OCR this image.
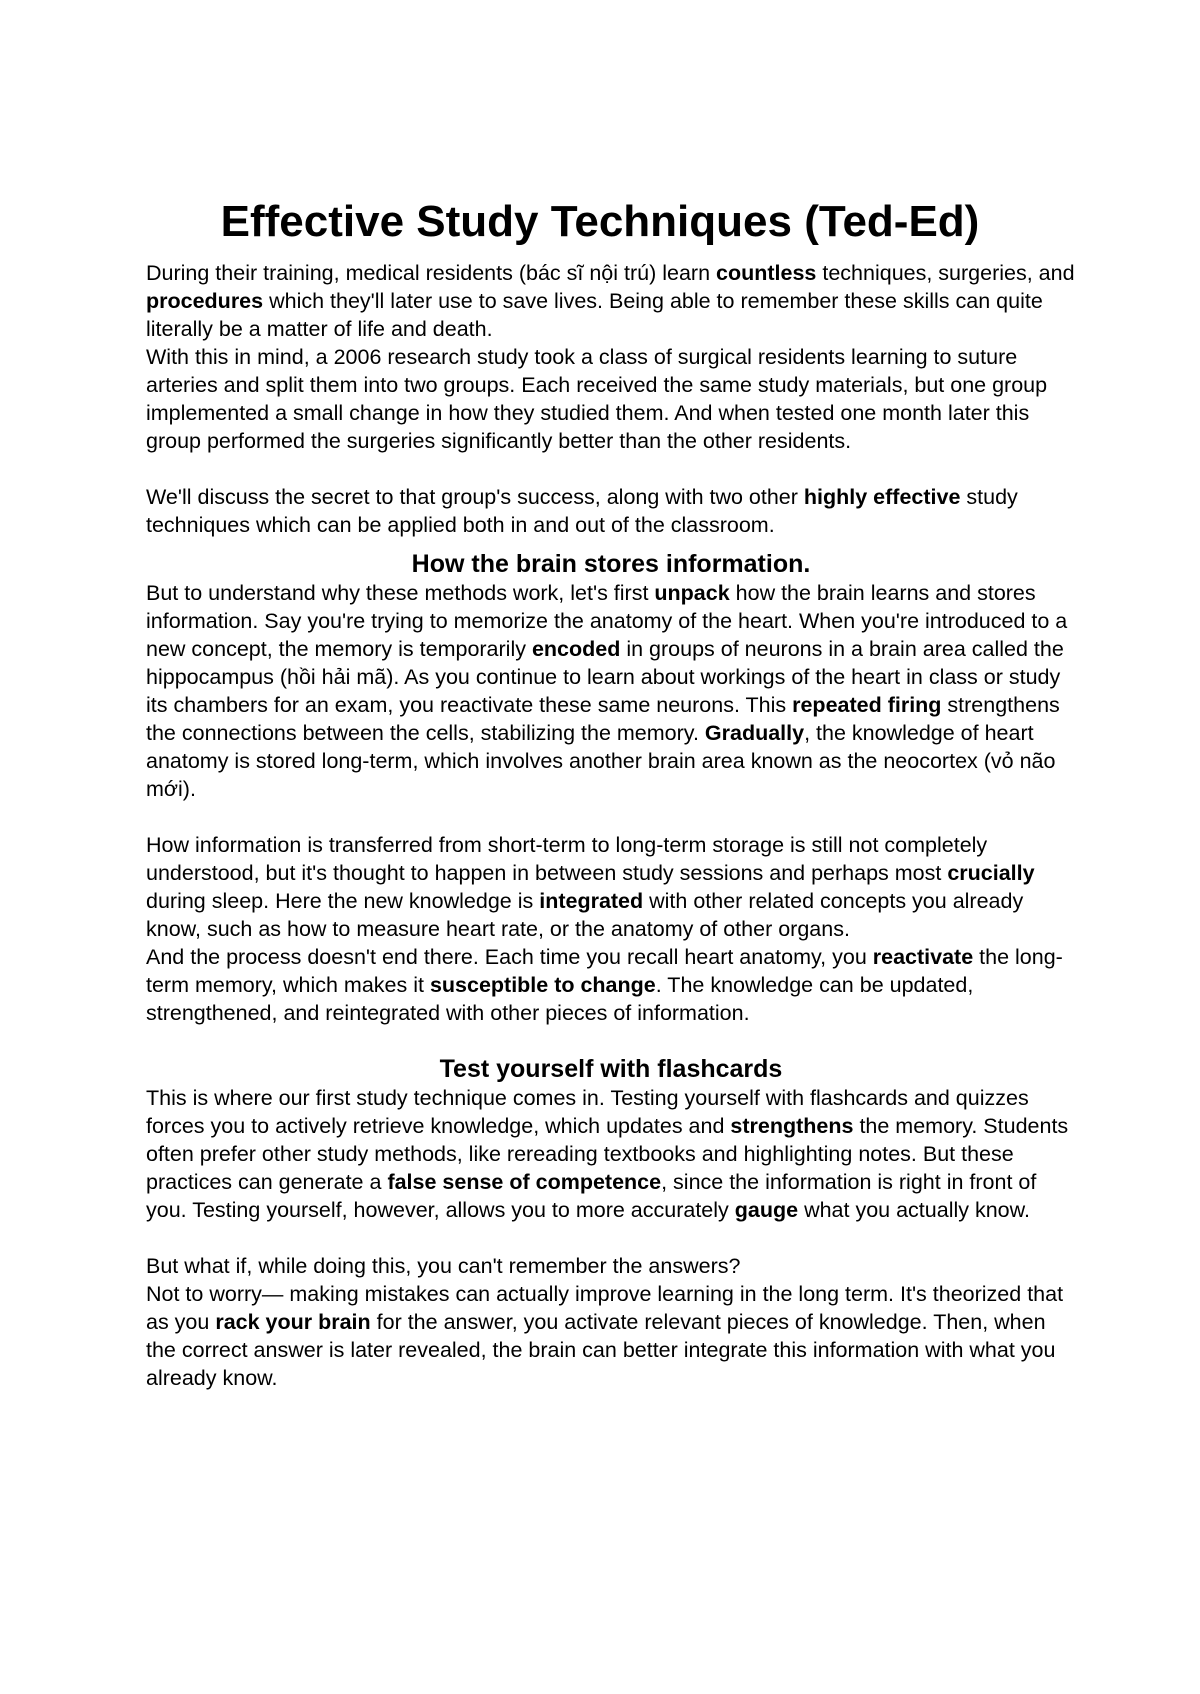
Effective Study Techniques (Ted-Ed)

During their training, medical residents (bác sĩ nội trú) learn countless techniques, surgeries, and procedures which they'll later use to save lives. Being able to remember these skills can quite literally be a matter of life and death.

With this in mind, a 2006 research study took a class of surgical residents learning to suture arteries and split them into two groups. Each received the same study materials, but one group implemented a small change in how they studied them. And when tested one month later this group performed the surgeries significantly better than the other residents.

We'll discuss the secret to that group's success, along with two other highly effective study techniques which can be applied both in and out of the classroom.

How the brain stores information.

But to understand why these methods work, let's first unpack how the brain learns and stores information. Say you're trying to memorize the anatomy of the heart. When you're introduced to a new concept, the memory is temporarily encoded in groups of neurons in a brain area called the hippocampus (hồi hải mã). As you continue to learn about workings of the heart in class or study its chambers for an exam, you reactivate these same neurons. This repeated firing strengthens the connections between the cells, stabilizing the memory. Gradually, the knowledge of heart anatomy is stored long-term, which involves another brain area known as the neocortex (vỏ não mới).

How information is transferred from short-term to long-term storage is still not completely understood, but it's thought to happen in between study sessions and perhaps most crucially during sleep. Here the new knowledge is integrated with other related concepts you already know, such as how to measure heart rate, or the anatomy of other organs.

And the process doesn't end there. Each time you recall heart anatomy, you reactivate the long-term memory, which makes it susceptible to change. The knowledge can be updated, strengthened, and reintegrated with other pieces of information.

Test yourself with flashcards

This is where our first study technique comes in. Testing yourself with flashcards and quizzes forces you to actively retrieve knowledge, which updates and strengthens the memory. Students often prefer other study methods, like rereading textbooks and highlighting notes. But these practices can generate a false sense of competence, since the information is right in front of you. Testing yourself, however, allows you to more accurately gauge what you actually know.

But what if, while doing this, you can't remember the answers?

Not to worry— making mistakes can actually improve learning in the long term. It's theorized that as you rack your brain for the answer, you activate relevant pieces of knowledge. Then, when the correct answer is later revealed, the brain can better integrate this information with what you already know.
